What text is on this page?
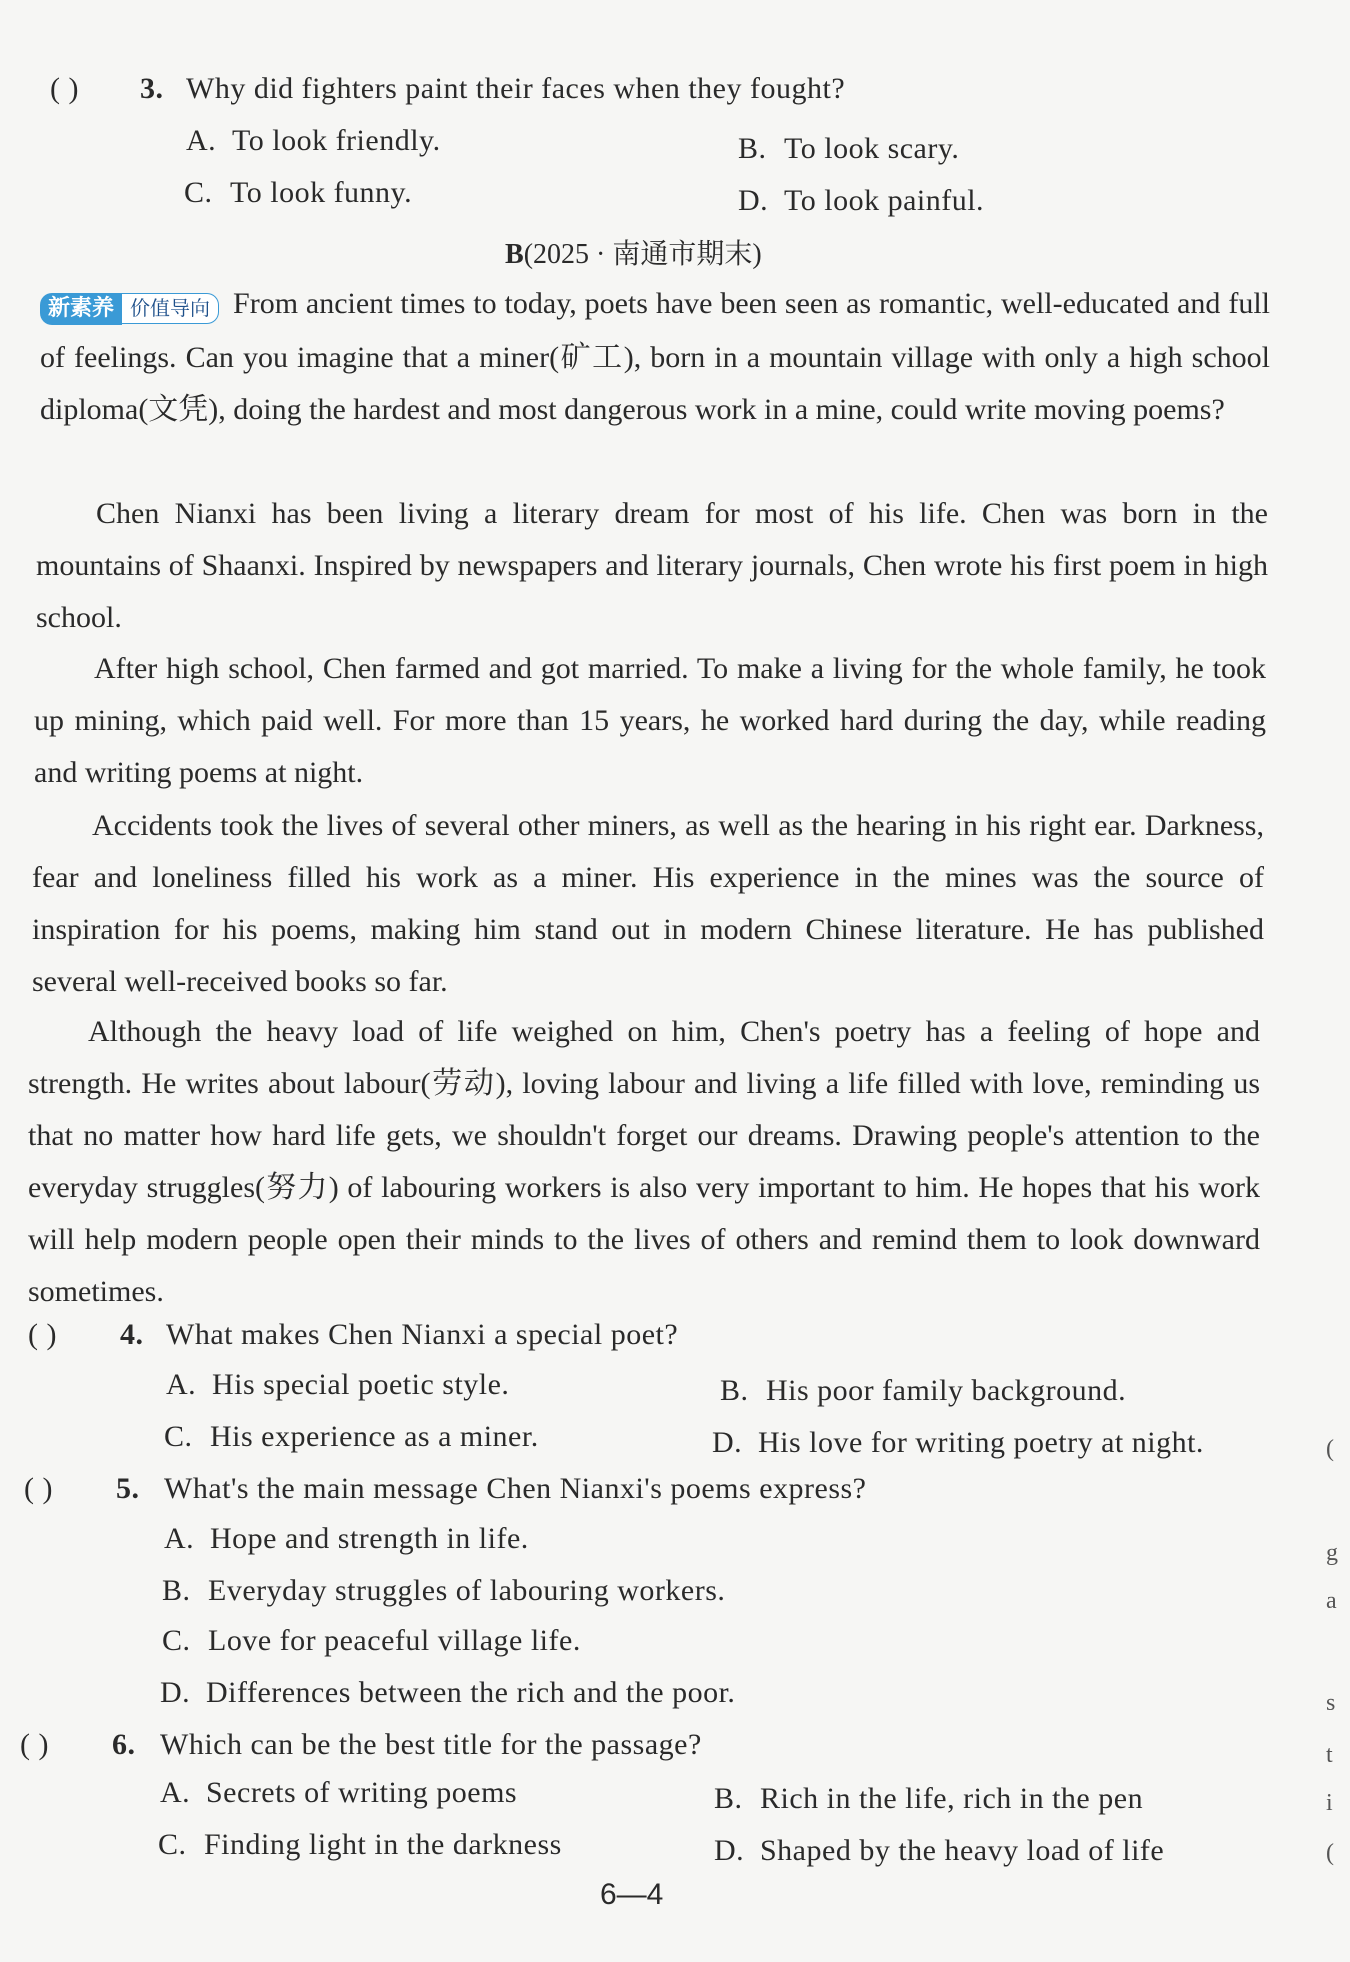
( ) 3. Why did fighters paint their faces when they fought?
A. To look friendly.	B. To look scary.
C. To look funny.	D. To look painful.
B(2025 · 南通市期末)
新素养 价值导向 From ancient times to today, poets have been seen as romantic, well-educated and full of feelings. Can you imagine that a miner(矿工), born in a mountain village with only a high school diploma(文凭), doing the hardest and most dangerous work in a mine, could write moving poems?
Chen Nianxi has been living a literary dream for most of his life. Chen was born in the mountains of Shaanxi. Inspired by newspapers and literary journals, Chen wrote his first poem in high school.
After high school, Chen farmed and got married. To make a living for the whole family, he took up mining, which paid well. For more than 15 years, he worked hard during the day, while reading and writing poems at night.
Accidents took the lives of several other miners, as well as the hearing in his right ear. Darkness, fear and loneliness filled his work as a miner. His experience in the mines was the source of inspiration for his poems, making him stand out in modern Chinese literature. He has published several well-received books so far.
Although the heavy load of life weighed on him, Chen's poetry has a feeling of hope and strength. He writes about labour(劳动), loving labour and living a life filled with love, reminding us that no matter how hard life gets, we shouldn't forget our dreams. Drawing people's attention to the everyday struggles(努力) of labouring workers is also very important to him. He hopes that his work will help modern people open their minds to the lives of others and remind them to look downward sometimes.
( ) 4. What makes Chen Nianxi a special poet?
A. His special poetic style.	B. His poor family background.
C. His experience as a miner.	D. His love for writing poetry at night.
( ) 5. What's the main message Chen Nianxi's poems express?
A. Hope and strength in life.
B. Everyday struggles of labouring workers.
C. Love for peaceful village life.
D. Differences between the rich and the poor.
( ) 6. Which can be the best title for the passage?
A. Secrets of writing poems	B. Rich in the life, rich in the pen
C. Finding light in the darkness	D. Shaped by the heavy load of life
6—4
(
g
a
s
t
i
(
